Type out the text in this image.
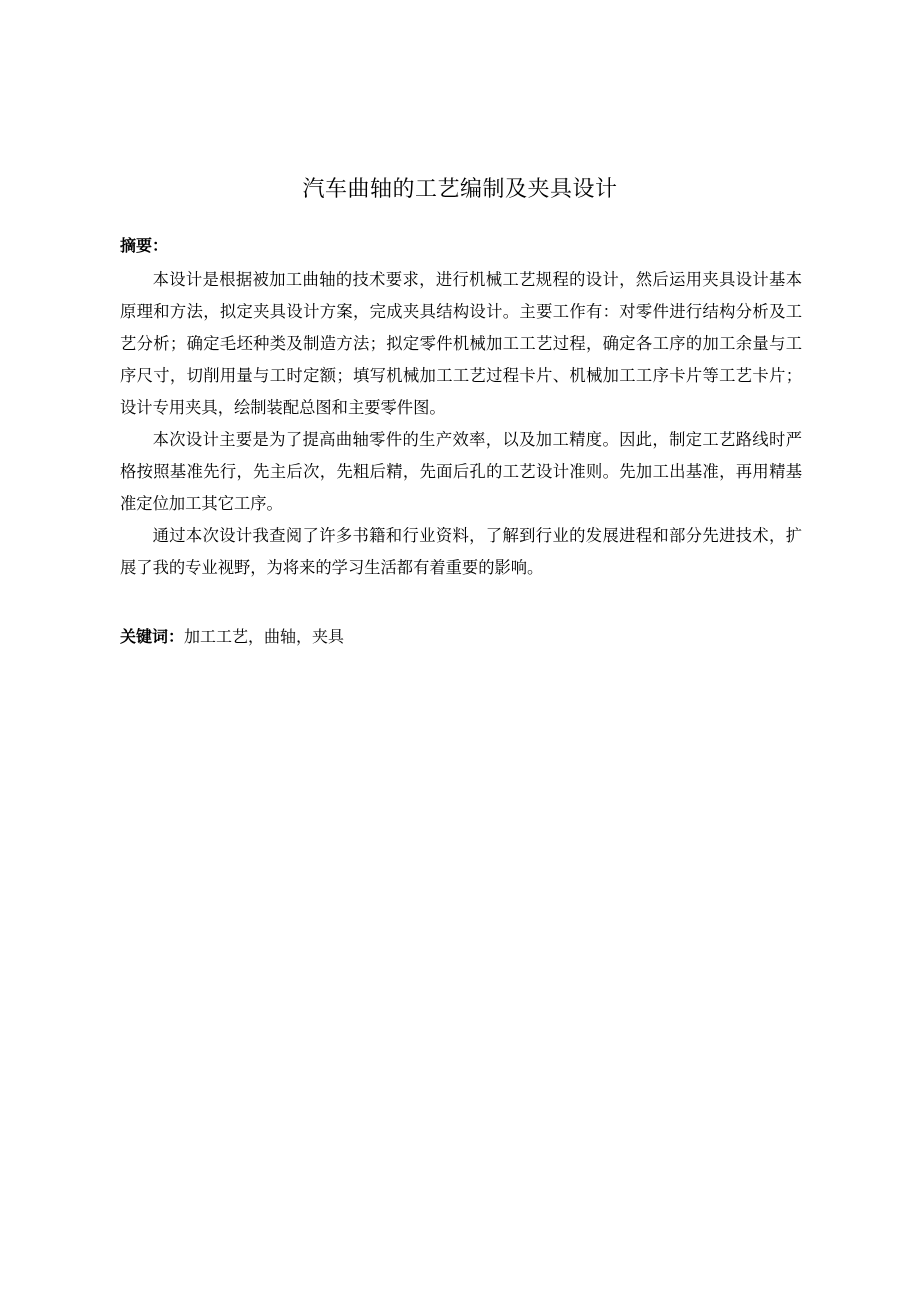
汽车曲轴的工艺编制及夹具设计
摘要：

本设计是根据被加工曲轴的技术要求，进行机械工艺规程的设计，然后运用夹具设计基本原理和方法，拟定夹具设计方案，完成夹具结构设计。主要工作有：对零件进行结构分析及工艺分析；确定毛坯种类及制造方法；拟定零件机械加工工艺过程，确定各工序的加工余量与工序尺寸，切削用量与工时定额；填写机械加工工艺过程卡片、机械加工工序卡片等工艺卡片；设计专用夹具，绘制装配总图和主要零件图。

本次设计主要是为了提高曲轴零件的生产效率，以及加工精度。因此，制定工艺路线时严格按照基准先行，先主后次，先粗后精，先面后孔的工艺设计准则。先加工出基准，再用精基准定位加工其它工序。

通过本次设计我查阅了许多书籍和行业资料，了解到行业的发展进程和部分先进技术，扩展了我的专业视野，为将来的学习生活都有着重要的影响。

关键词：加工工艺，曲轴，夹具
